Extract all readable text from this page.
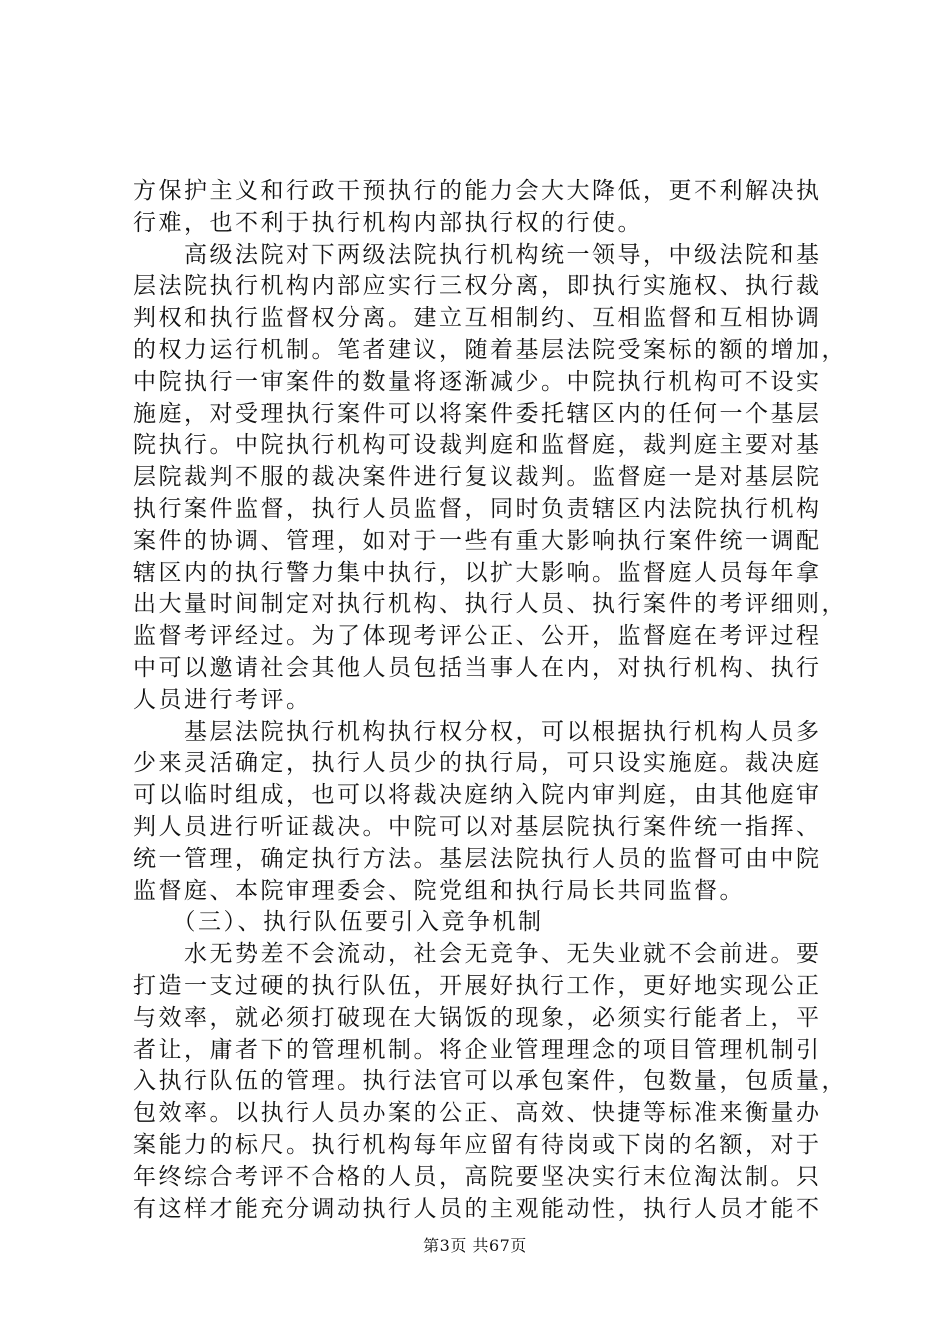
方保护主义和行政干预执行的能力会大大降低，更不利解决执
行难，也不利于执行机构内部执行权的行使。
　　高级法院对下两级法院执行机构统一领导，中级法院和基
层法院执行机构内部应实行三权分离，即执行实施权、执行裁
判权和执行监督权分离。建立互相制约、互相监督和互相协调
的权力运行机制。笔者建议，随着基层法院受案标的额的增加，
中院执行一审案件的数量将逐渐减少。中院执行机构可不设实
施庭，对受理执行案件可以将案件委托辖区内的任何一个基层
院执行。中院执行机构可设裁判庭和监督庭，裁判庭主要对基
层院裁判不服的裁决案件进行复议裁判。监督庭一是对基层院
执行案件监督，执行人员监督，同时负责辖区内法院执行机构
案件的协调、管理，如对于一些有重大影响执行案件统一调配
辖区内的执行警力集中执行，以扩大影响。监督庭人员每年拿
出大量时间制定对执行机构、执行人员、执行案件的考评细则，
监督考评经过。为了体现考评公正、公开，监督庭在考评过程
中可以邀请社会其他人员包括当事人在内，对执行机构、执行
人员进行考评。
　　基层法院执行机构执行权分权，可以根据执行机构人员多
少来灵活确定，执行人员少的执行局，可只设实施庭。裁决庭
可以临时组成，也可以将裁决庭纳入院内审判庭，由其他庭审
判人员进行听证裁决。中院可以对基层院执行案件统一指挥、
统一管理，确定执行方法。基层法院执行人员的监督可由中院
监督庭、本院审理委会、院党组和执行局长共同监督。
　　（三）、执行队伍要引入竞争机制
　　水无势差不会流动，社会无竞争、无失业就不会前进。要
打造一支过硬的执行队伍，开展好执行工作，更好地实现公正
与效率，就必须打破现在大锅饭的现象，必须实行能者上，平
者让，庸者下的管理机制。将企业管理理念的项目管理机制引
入执行队伍的管理。执行法官可以承包案件，包数量，包质量，
包效率。以执行人员办案的公正、高效、快捷等标准来衡量办
案能力的标尺。执行机构每年应留有待岗或下岗的名额，对于
年终综合考评不合格的人员，高院要坚决实行末位淘汰制。只
有这样才能充分调动执行人员的主观能动性，执行人员才能不
第3页 共67页
